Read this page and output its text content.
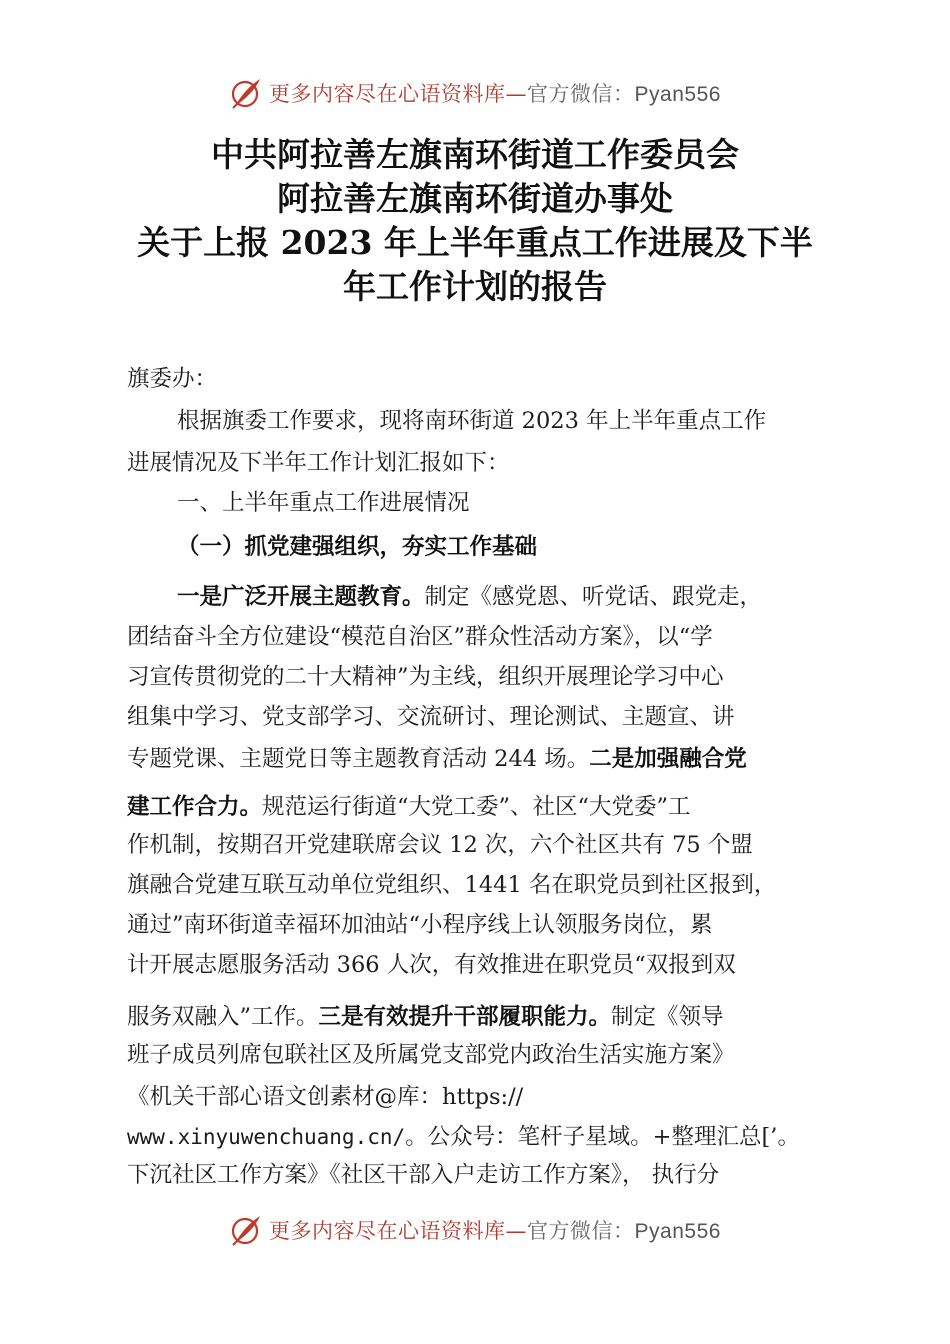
更多内容尽在心语资料库—官方微信：Pyan556
中共阿拉善左旗南环街道工作委员会
阿拉善左旗南环街道办事处
关于上报 2023 年上半年重点工作进展及下半
年工作计划的报告
旗委办：
根据旗委工作要求，现将南环街道 2023 年上半年重点工作
进展情况及下半年工作计划汇报如下：
一、上半年重点工作进展情况
（一）抓党建强组织，夯实工作基础
一是广泛开展主题教育。制定《感党恩、听党话、跟党走，
团结奋斗全方位建设“模范自治区”群众性活动方案》，以“学
习宣传贯彻党的二十大精神”为主线，组织开展理论学习中心
组集中学习、党支部学习、交流研讨、理论测试、主题宣、讲
专题党课、主题党日等主题教育活动 244 场。二是加强融合党
建工作合力。规范运行街道“大党工委”、社区“大党委”工
作机制，按期召开党建联席会议 12 次，六个社区共有 75 个盟
旗融合党建互联互动单位党组织、1441 名在职党员到社区报到，
通过”南环街道幸福环加油站“小程序线上认领服务岗位，累
计开展志愿服务活动 366 人次，有效推进在职党员“双报到双
服务双融入”工作。三是有效提升干部履职能力。制定《领导
班子成员列席包联社区及所属党支部党内政治生活实施方案》
《机关干部心语文创素材@库：https://
www.xinyuwenchuang.cn/。公众号：笔杆子星域。+整理汇总[’。
下沉社区工作方案》《社区干部入户走访工作方案》， 执行分
更多内容尽在心语资料库—官方微信：Pyan556
